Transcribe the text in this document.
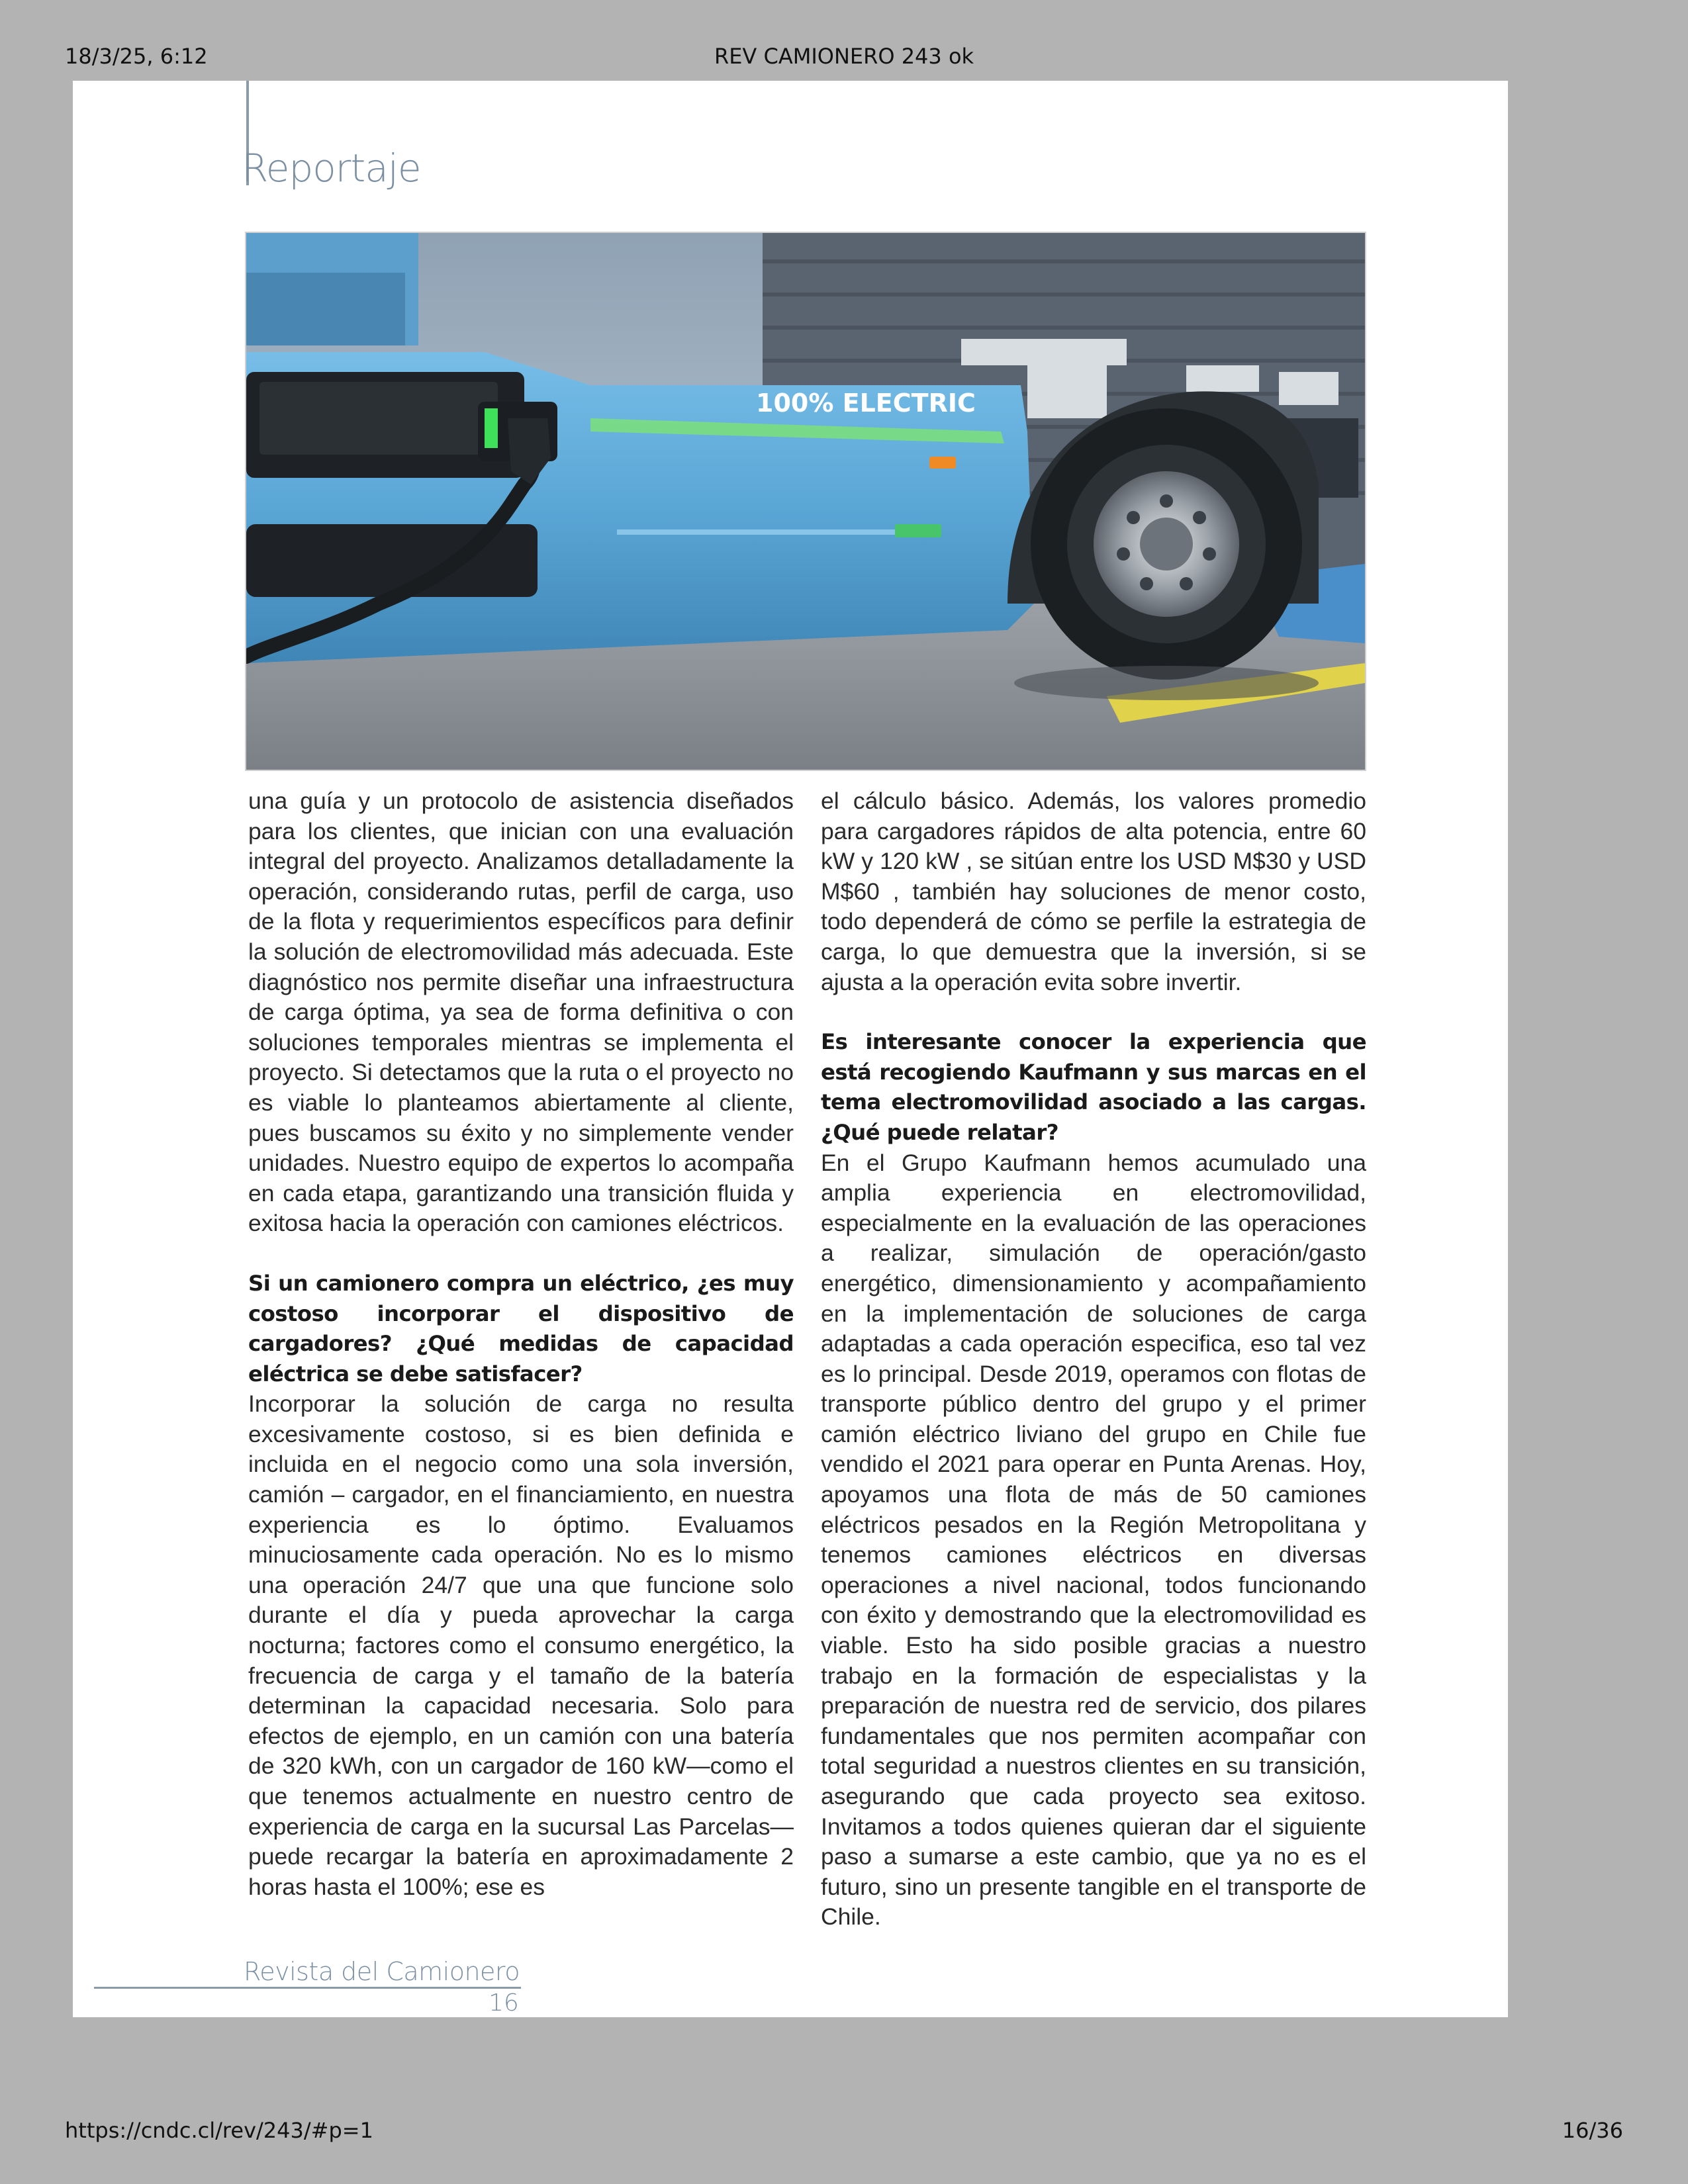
18/3/25, 6:12	REV CAMIONERO 243 ok
Reportaje
100% ELECTRIC

una guía y un protocolo de asistencia diseñados para los clientes, que inician con una evaluación integral del proyecto. Analizamos detalladamente la operación, considerando rutas, perfil de carga, uso de la flota y requerimientos específicos para definir la solución de electromovilidad más adecuada. Este diagnóstico nos permite diseñar una infraestructura de carga óptima, ya sea de forma definitiva o con soluciones temporales mientras se implementa el proyecto. Si detectamos que la ruta o el proyecto no es viable lo planteamos abiertamente al cliente, pues buscamos su éxito y no simplemente vender unidades. Nuestro equipo de expertos lo acompaña en cada etapa, garantizando una transición fluida y exitosa hacia la operación con camiones eléctricos.

Si un camionero compra un eléctrico, ¿es muy costoso incorporar el dispositivo de cargadores? ¿Qué medidas de capacidad eléctrica se debe satisfacer?

Incorporar la solución de carga no resulta excesivamente costoso, si es bien definida e incluida en el negocio como una sola inversión, camión – cargador, en el financiamiento, en nuestra experiencia es lo óptimo. Evaluamos minuciosamente cada operación. No es lo mismo una operación 24/7 que una que funcione solo durante el día y pueda aprovechar la carga nocturna; factores como el consumo energético, la frecuencia de carga y el tamaño de la batería determinan la capacidad necesaria. Solo para efectos de ejemplo, en un camión con una batería de 320 kWh, con un cargador de 160 kW—como el que tenemos actualmente en nuestro centro de experiencia de carga en la sucursal Las Parcelas—puede recargar la batería en aproximadamente 2 horas hasta el 100%; ese es

el cálculo básico. Además, los valores promedio para cargadores rápidos de alta potencia, entre 60 kW y 120 kW , se sitúan entre los USD M$30 y USD M$60 , también hay soluciones de menor costo, todo dependerá de cómo se perfile la estrategia de carga, lo que demuestra que la inversión, si se ajusta a la operación evita sobre invertir.

Es interesante conocer la experiencia que está recogiendo Kaufmann y sus marcas en el tema electromovilidad asociado a las cargas. ¿Qué puede relatar?

En el Grupo Kaufmann hemos acumulado una amplia experiencia en electromovilidad, especialmente en la evaluación de las operaciones a realizar, simulación de operación/gasto energético, dimensionamiento y acompañamiento en la implementación de soluciones de carga adaptadas a cada operación especifica, eso tal vez es lo principal. Desde 2019, operamos con flotas de transporte público dentro del grupo y el primer camión eléctrico liviano del grupo en Chile fue vendido el 2021 para operar en Punta Arenas. Hoy, apoyamos una flota de más de 50 camiones eléctricos pesados en la Región Metropolitana y tenemos camiones eléctricos en diversas operaciones a nivel nacional, todos funcionando con éxito y demostrando que la electromovilidad es viable. Esto ha sido posible gracias a nuestro trabajo en la formación de especialistas y la preparación de nuestra red de servicio, dos pilares fundamentales que nos permiten acompañar con total seguridad a nuestros clientes en su transición, asegurando que cada proyecto sea exitoso. Invitamos a todos quienes quieran dar el siguiente paso a sumarse a este cambio, que ya no es el futuro, sino un presente tangible en el transporte de Chile.

Revista del Camionero
16
https://cndc.cl/rev/243/#p=1	16/36
